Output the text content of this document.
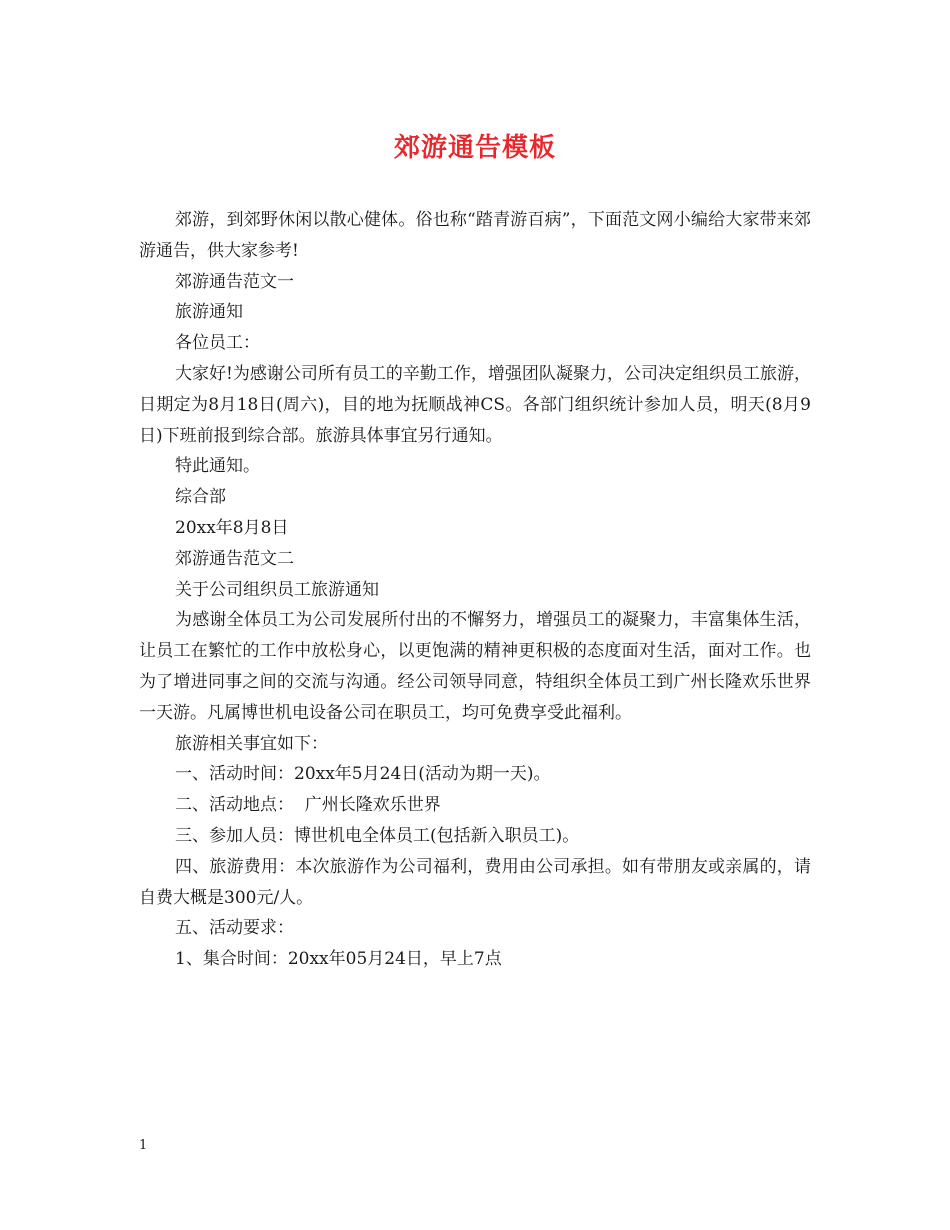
郊游通告模板

郊游，到郊野休闲以散心健体。俗也称“踏青游百病”，下面范文网小编给大家带来郊游通告，供大家参考!

郊游通告范文一

旅游通知

各位员工：

大家好!为感谢公司所有员工的辛勤工作，增强团队凝聚力，公司决定组织员工旅游，日期定为8月18日(周六)，目的地为抚顺战神CS。各部门组织统计参加人员，明天(8月9日)下班前报到综合部。旅游具体事宜另行通知。

特此通知。

综合部

20xx年8月8日

郊游通告范文二

关于公司组织员工旅游通知

为感谢全体员工为公司发展所付出的不懈努力，增强员工的凝聚力，丰富集体生活，让员工在繁忙的工作中放松身心，以更饱满的精神更积极的态度面对生活，面对工作。也为了增进同事之间的交流与沟通。经公司领导同意，特组织全体员工到广州长隆欢乐世界一天游。凡属博世机电设备公司在职员工，均可免费享受此福利。

旅游相关事宜如下：

一、活动时间：20xx年5月24日(活动为期一天)。

二、活动地点：  广州长隆欢乐世界

三、参加人员：博世机电全体员工(包括新入职员工)。

四、旅游费用：本次旅游作为公司福利，费用由公司承担。如有带朋友或亲属的，请自费大概是300元/人。

五、活动要求：

1、集合时间：20xx年05月24日，早上7点

1
